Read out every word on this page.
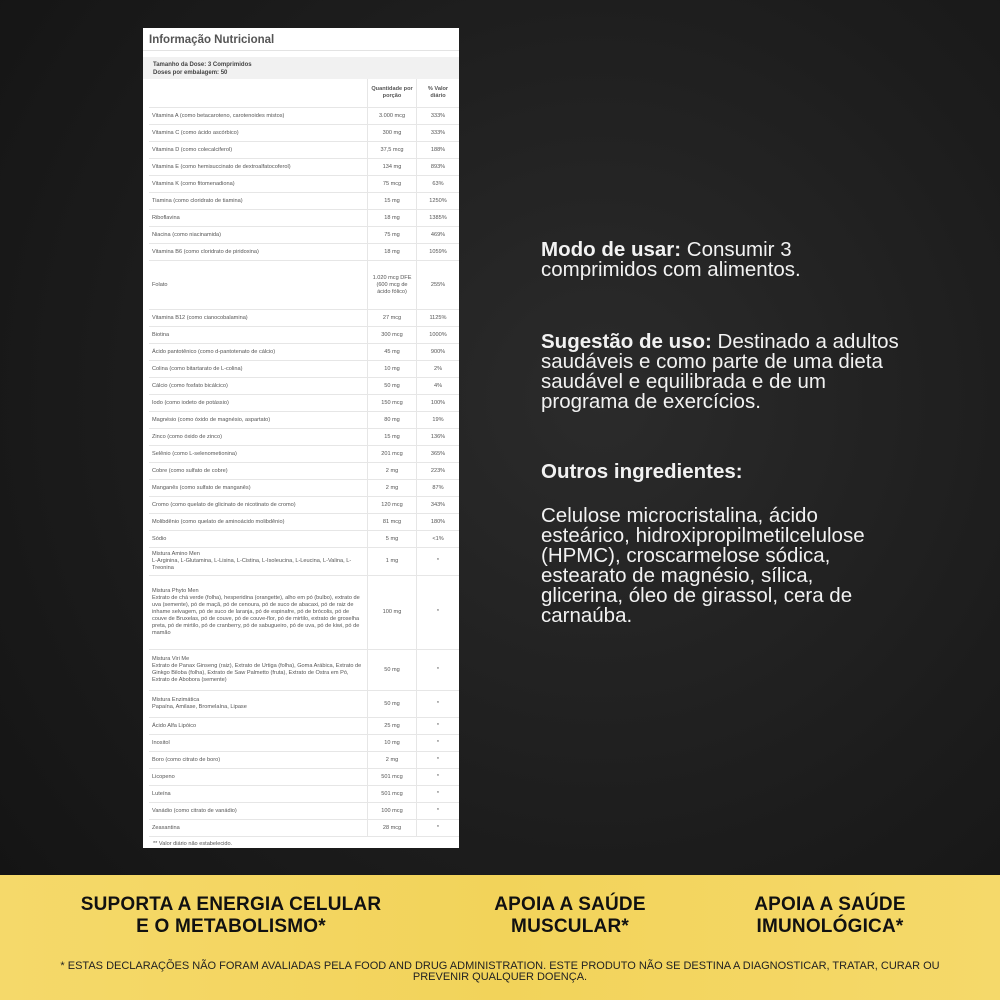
Informação Nutricional
Tamanho da Dose: 3 Comprimidos
Doses por embalagem: 50
	Quantidade por porção	% Valor diário

Vitamina A (como betacaroteno, carotenoides mistos)	3.000 mcg	333%

Vitamina C (como ácido ascórbico)	300 mg	333%

Vitamina D (como colecalciferol)	37,5 mcg	188%

Vitamina E (como hemisuccinato de dextroalfatocoferol)	134 mg	893%

Vitamina K (como fitomenadiona)	75 mcg	63%

Tiamina (como cloridrato de tiamina)	15 mg	1250%

Riboflavina	18 mg	1385%

Niacina (como niacinamida)	75 mg	469%

Vitamina B6 (como cloridrato de piridoxina)	18 mg	1059%

Folato	1.020 mcg DFE (600 mcg de ácido fólico)	255%

Vitamina B12 (como cianocobalamina)	27 mcg	1125%

Biotina	300 mcg	1000%

Ácido pantotênico (como d-pantotenato de cálcio)	45 mg	900%

Colina (como bitartarato de L-colina)	10 mg	2%

Cálcio (como fosfato bicálcico)	50 mg	4%

Iodo (como iodeto de potássio)	150 mcg	100%

Magnésio (como óxido de magnésio, aspartato)	80 mg	19%

Zinco (como óxido de zinco)	15 mg	136%

Selênio (como L-selenometionina)	201 mcg	365%

Cobre (como sulfato de cobre)	2 mg	223%

Manganês (como sulfato de manganês)	2 mg	87%

Cromo (como quelato de glicinato de nicotinato de cromo)	120 mcg	343%

Molibdênio (como quelato de aminoácido molibdênio)	81 mcg	180%

Sódio	5 mg	<1%

Mistura Amino Men
L-Arginina, L-Glutamina, L-Lisina, L-Cistina, L-Isoleucina, L-Leucina, L-Valina, L-Treonina	1 mg	*

Mistura Phyto Men
Extrato de chá verde (folha), hesperidina (orangette), alho em pó (bulbo), extrato de uva (semente), pó de maçã, pó de cenoura, pó de suco de abacaxi, pó de raiz de inhame selvagem, pó de suco de laranja, pó de espinafre, pó de brócolis, pó de couve de Bruxelas, pó de couve, pó de couve-flor, pó de mirtilo, extrato de groselha preta, pó de mirtilo, pó de cranberry, pó de sabugueiro, pó de uva, pó de kiwi, pó de mamão	100 mg	*

Mistura Viri Me
Extrato de Panax Ginseng (raiz), Extrato de Urtiga (folha), Goma Arábica, Extrato de Ginkgo Biloba (folha), Extrato de Saw Palmetto (fruta), Extrato de Ostra em Pó, Extrato de Abobora (semente)	50 mg	*

Mistura Enzimática
Papaína, Amilase, Bromelaína, Lipase	50 mg	*

Ácido Alfa Lipóico	25 mg	*

Inositol	10 mg	*

Boro (como citrato de boro)	2 mg	*

Licopeno	501 mcg	*

Luteína	501 mcg	*

Vanádio (como citrato de vanádio)	100 mcg	*

Zeaxantina	28 mcg	*
** Valor diário não estabelecido.

Modo de usar: Consumir 3 comprimidos com alimentos.

Sugestão de uso: Destinado a adultos saudáveis e como parte de uma dieta saudável e equilibrada e de um programa de exercícios.

Outros ingredientes:

Celulose microcristalina, ácido esteárico, hidroxipropilmetilcelulose (HPMC), croscarmelose sódica, estearato de magnésio, sílica, glicerina, óleo de girassol, cera de carnaúba.

SUPORTA A ENERGIA CELULAR E O METABOLISMO*
APOIA A SAÚDE MUSCULAR*
APOIA A SAÚDE IMUNOLÓGICA*
* ESTAS DECLARAÇÕES NÃO FORAM AVALIADAS PELA FOOD AND DRUG ADMINISTRATION. ESTE PRODUTO NÃO SE DESTINA A DIAGNOSTICAR, TRATAR, CURAR OU PREVENIR QUALQUER DOENÇA.
